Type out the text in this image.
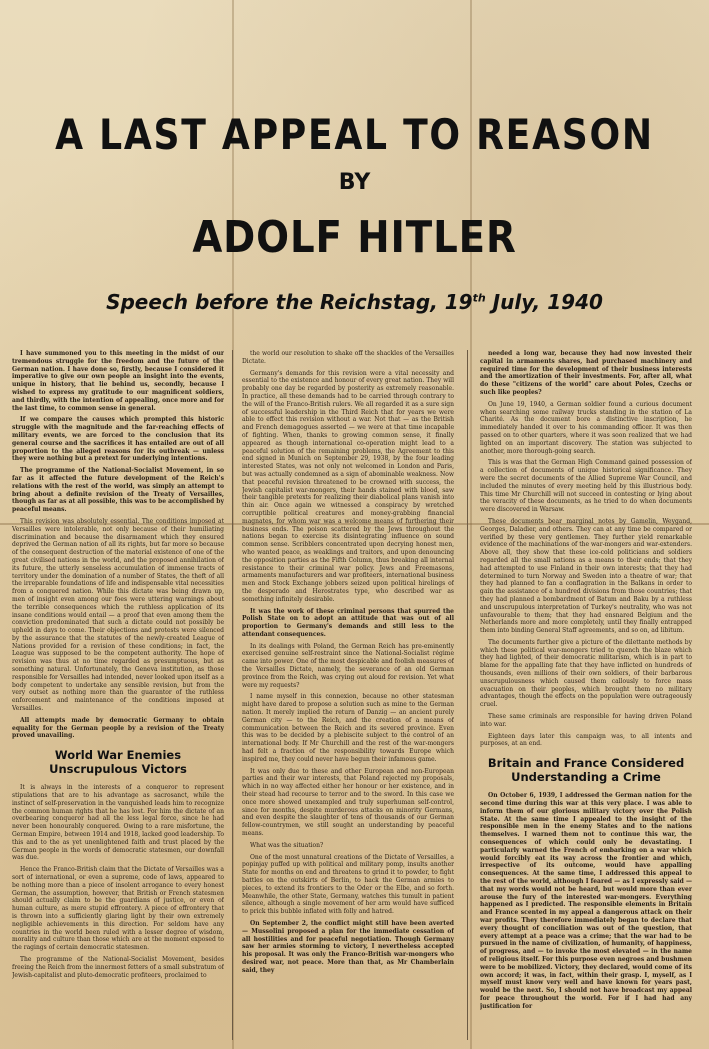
A LAST APPEAL TO REASON
BY
ADOLF HITLER
Speech before the Reichstag, 19th July, 1940

I have summoned you to this meeting in the midst of our tremendous struggle for the freedom and the future of the German nation. I have done so, firstly, because I considered it imperative to give our own people an insight into the events, unique in history, that lie behind us, secondly, because I wished to express my gratitude to our magnificent soldiers, and thirdly, with the intention of appealing, once more and for the last time, to common sense in general.

If we compare the causes which prompted this historic struggle with the magnitude and the far-reaching effects of military events, we are forced to the conclusion that its general course and the sacrifices it has entailed are out of all proportion to the alleged reasons for its outbreak — unless they were nothing but a pretext for underlying intentions.

The programme of the National-Socialist Movement, in so far as it affected the future development of the Reich's relations with the rest of the world, was simply an attempt to bring about a definite revision of the Treaty of Versailles, though as far as at all possible, this was to be accomplished by peaceful means.

This revision was absolutely essential. The conditions imposed at Versailles were intolerable, not only because of their humiliating discrimination and because the disarmament which they ensured deprived the German nation of all its rights, but far more so because of the consequent destruction of the material existence of one of the great civilised nations in the world, and the proposed annihilation of its future, the utterly senseless accumulation of immense tracts of territory under the domination of a number of States, the theft of all the irreparable foundations of life and indispensable vital necessities from a conquered nation. While this dictate was being drawn up, men of insight even among our foes were uttering warnings about the terrible consequences which the ruthless application of its insane conditions would entail — a proof that even among them the conviction predominated that such a dictate could not possibly be upheld in days to come. Their objections and protests were silenced by the assurance that the statutes of the newly-created League of Nations provided for a revision of these conditions; in fact, the League was supposed to be the competent authority. The hope of revision was thus at no time regarded as presumptuous, but as something natural. Unfortunately, the Geneva institution, as those responsible for Versailles had intended, never looked upon itself as a body competent to undertake any sensible revision, but from the very outset as nothing more than the guarantor of the ruthless enforcement and maintenance of the conditions imposed at Versailles.

All attempts made by democratic Germany to obtain equality for the German people by a revision of the Treaty proved unavailing.

World War Enemies Unscrupulous Victors

It is always in the interests of a conqueror to represent stipulations that are to his advantage as sacrosanct, while the instinct of self-preservation in the vanquished leads him to recognize the common human rights that he has lost. For him the dictate of an overbearing conqueror had all the less legal force, since he had never been honourably conquered. Owing to a rare misfortune, the German Empire, between 1914 and 1918, lacked good leadership. To this and to the as yet unenlightened faith and trust placed by the German people in the words of democratic statesmen, our downfall was due.

Hence the Franco-British claim that the Dictate of Versailles was a sort of international, or even a supreme, code of laws, appeared to be nothing more than a piece of insolent arrogance to every honest German, the assumption, however, that British or French statesmen should actually claim to be the guardians of justice, or even of human culture, as mere stupid effrontery. A piece of effrontery that is thrown into a sufficiently glaring light by their own extremely negligible achievements in this direction. For seldom have any countries in the world been ruled with a lesser degree of wisdom, morality and culture than those which are at the moment exposed to the ragings of certain democratic statesmen.

The programme of the National-Socialist Movement, besides freeing the Reich from the innermost fetters of a small substratum of Jewish-capitalist and pluto-democratic profiteers, proclaimed to

the world our resolution to shake off the shackles of the Versailles Dictate.

Germany's demands for this revision were a vital necessity and essential to the existence and honour of every great nation. They will probably one day be regarded by posterity as extremely reasonable. In practice, all these demands had to be carried through contrary to the will of the Franco-British rulers. We all regarded it as a sure sign of successful leadership in the Third Reich that for years we were able to effect this revision without a war. Not that — as the British and French demagogues asserted — we were at that time incapable of fighting. When, thanks to growing common sense, it finally appeared as though international co-operation might lead to a peaceful solution of the remaining problems, the Agreement to this end signed in Munich on September 29, 1938, by the four leading interested States, was not only not welcomed in London and Paris, but was actually condemned as a sign of abominable weakness. Now that peaceful revision threatened to be crowned with success, the Jewish capitalist war-mongers, their hands stained with blood, saw their tangible pretexts for realizing their diabolical plans vanish into thin air. Once again we witnessed a conspiracy by wretched corruptible political creatures and money-grabbing financial magnates, for whom war was a welcome means of furthering their business ends. The poison scattered by the Jews throughout the nations began to exercise its disintegrating influence on sound common sense. Scribblers concentrated upon decrying honest men, who wanted peace, as weaklings and traitors, and upon denouncing the opposition parties as the Fifth Column, thus breaking all internal resistance to their criminal war policy. Jews and Freemasons, armaments manufacturers and war profiteers, international business men and Stock Exchange jobbers seized upon political hirelings of the desperado and Herostrates type, who described war as something infinitely desirable.

It was the work of these criminal persons that spurred the Polish State on to adopt an attitude that was out of all proportion to Germany's demands and still less to the attendant consequences.

In its dealings with Poland, the German Reich has pre-eminently exercised genuine self-restraint since the National-Socialist régime came into power. One of the most despicable and foolish measures of the Versailles Dictate, namely, the severance of an old German province from the Reich, was crying out aloud for revision. Yet what were my requests?

I name myself in this connexion, because no other statesman might have dared to propose a solution such as mine to the German nation. It merely implied the return of Danzig — an ancient purely German city — to the Reich, and the creation of a means of communication between the Reich and its severed province. Even this was to be decided by a plebiscite subject to the control of an international body. If Mr Churchill and the rest of the war-mongers had felt a fraction of the responsibility towards Europe which inspired me, they could never have begun their infamous game.

It was only due to these and other European and non-European parties and their war interests, that Poland rejected my proposals, which in no way affected either her honour or her existence, and in their stead had recourse to terror and to the sword. In this case we once more showed unexampled and truly superhuman self-control, since for months, despite murderous attacks on minority Germans, and even despite the slaughter of tens of thousands of our German fellow-countrymen, we still sought an understanding by peaceful means.

What was the situation?

One of the most unnatural creations of the Dictate of Versailles, a popinjay puffed up with political and military pomp, insults another State for months on end and threatens to grind it to powder, to fight battles on the outskirts of Berlin, to hack the German armies to pieces, to extend its frontiers to the Oder or the Elbe, and so forth. Meanwhile, the other State, Germany, watches this tumult in patient silence, although a single movement of her arm would have sufficed to prick this bubble inflated with folly and hatred.

On September 2, the conflict might still have been averted — Mussolini proposed a plan for the immediate cessation of all hostilities and for peaceful negotiation. Though Germany saw her armies storming to victory, I nevertheless accepted his proposal. It was only the Franco-British war-mongers who desired war, not peace. More than that, as Mr Chamberlain said, they

needed a long war, because they had now invested their capital in armaments shares, had purchased machinery and required time for the development of their business interests and the amortization of their investments. For, after all, what do these "citizens of the world" care about Poles, Czechs or such like peoples?

On June 19, 1940, a German soldier found a curious document when searching some railway trucks standing in the station of La Charité. As the document bore a distinctive inscription, he immediately handed it over to his commanding officer. It was then passed on to other quarters, where it was soon realized that we had lighted on an important discovery. The station was subjected to another, more thorough-going search.

This is was that the German High Command gained possession of a collection of documents of unique historical significance. They were the secret documents of the Allied Supreme War Council, and included the minutes of every meeting held by this illustrious body. This time Mr Churchill will not succeed in contesting or lying about the veracity of these documents, as he tried to do when documents were discovered in Warsaw.

These documents bear marginal notes by Gamelin, Weygand, Georges, Daladier, and others. They can at any time be compared or verified by these very gentlemen. They further yield remarkable evidence of the machinations of the war-mongers and war-extenders. Above all, they show that these ice-cold politicians and soldiers regarded all the small nations as a means to their ends; that they had attempted to use Finland in their own interests; that they had determined to turn Norway and Sweden into a theatre of war; that they had planned to fan a conflagration in the Balkans in order to gain the assistance of a hundred divisions from those countries; that they had planned a bombardment of Batum and Baku by a ruthless and unscrupulous interpretation of Turkey's neutrality, who was not unfavourable to them; that they had ensnared Belgium and the Netherlands more and more completely, until they finally entrapped them into binding General Staff agreements, and so on, ad libitum.

The documents further give a picture of the dilettante methods by which these political war-mongers tried to quench the blaze which they had lighted, of their democratic militarism, which is in part to blame for the appalling fate that they have inflicted on hundreds of thousands, even millions of their own soldiers, of their barbarous unscrupulousness which caused them callously to force mass evacuation on their peoples, which brought them no military advantages, though the effects on the population were outrageously cruel.

These same criminals are responsible for having driven Poland into war.

Eighteen days later this campaign was, to all intents and purposes, at an end.

Britain and France Considered Understanding a Crime

On October 6, 1939, I addressed the German nation for the second time during this war at this very place. I was able to inform them of our glorious military victory over the Polish State. At the same time I appealed to the insight of the responsible men in the enemy States and to the nations themselves. I warned them not to continue this war, the consequences of which could only be devastating. I particularly warned the French of embarking on a war which would forcibly eat its way across the frontier and which, irrespective of its outcome, would have appalling consequences. At the same time, I addressed this appeal to the rest of the world, although I feared — as I expressly said — that my words would not be heard, but would more than ever arouse the fury of the interested war-mongers. Everything happened as I predicted. The responsible elements in Britain and France scented in my appeal a dangerous attack on their war profits. They therefore immediately began to declare that every thought of conciliation was out of the question, that every attempt at a peace was a crime; that the war had to be pursued in the name of civilization, of humanity, of happiness, of progress, and — to invoke the most elevated — in the name of religious itself. For this purpose even negroes and bushmen were to be mobilized. Victory, they declared, would come of its own accord; it was, in fact, within their grasp. I, myself, as I myself must know very well and have known for years past, would be the next. So, I should not have broadcast my appeal for peace throughout the world. For if I had had any justification for
